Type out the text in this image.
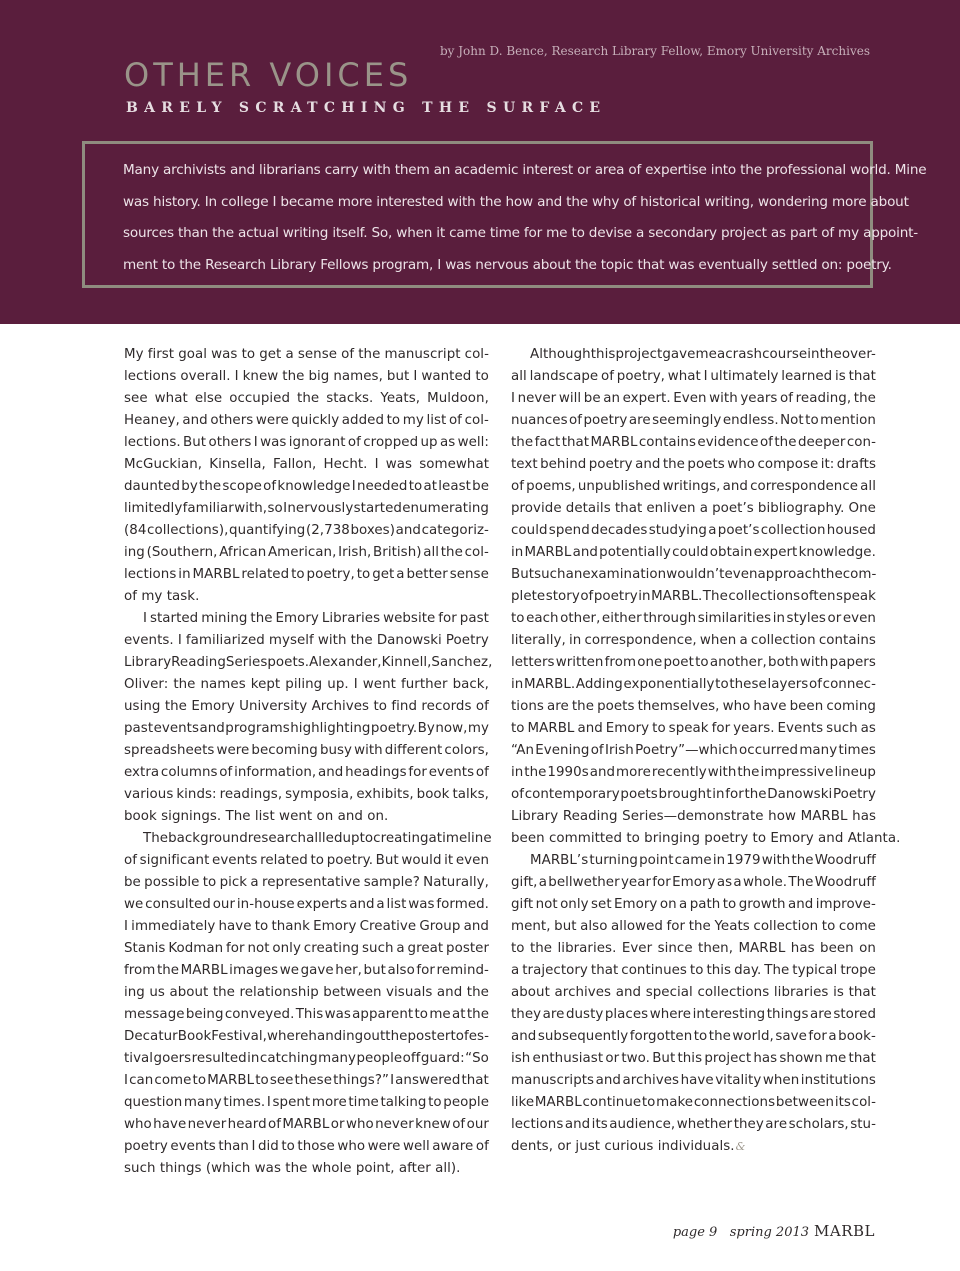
by John D. Bence, Research Library Fellow, Emory University Archives

OTHER VOICES
BARELY SCRATCHING THE SURFACE

Many archivists and librarians carry with them an academic interest or area of expertise into the professional world. Mine
was history. In college I became more interested with the how and the why of historical writing, wondering more about
sources than the actual writing itself. So, when it came time for me to devise a secondary project as part of my appoint-
ment to the Research Library Fellows program, I was nervous about the topic that was eventually settled on: poetry.

My first goal was to get a sense of the manuscript col-
lections overall. I knew the big names, but I wanted to
see what else occupied the stacks. Yeats, Muldoon,
Heaney, and others were quickly added to my list of col-
lections. But others I was ignorant of cropped up as well:
McGuckian, Kinsella, Fallon, Hecht. I was somewhat
daunted by the scope of knowledge I needed to at least be
limitedly familiar with, so I nervously started enumerating
(84 collections), quantifying (2,738 boxes) and categoriz-
ing (Southern, African American, Irish, British) all the col-
lections in MARBL related to poetry, to get a better sense
of my task.

I started mining the Emory Libraries website for past
events. I familiarized myself with the Danowski Poetry
Library Reading Series poets. Alexander, Kinnell, Sanchez,
Oliver: the names kept piling up. I went further back,
using the Emory University Archives to find records of
past events and programs highlighting poetry. By now, my
spreadsheets were becoming busy with different colors,
extra columns of information, and headings for events of
various kinds: readings, symposia, exhibits, book talks,
book signings. The list went on and on.

The background research all led up to creating a timeline
of significant events related to poetry. But would it even
be possible to pick a representative sample? Naturally,
we consulted our in-house experts and a list was formed.
I immediately have to thank Emory Creative Group and
Stanis Kodman for not only creating such a great poster
from the MARBL images we gave her, but also for remind-
ing us about the relationship between visuals and the
message being conveyed. This was apparent to me at the
Decatur Book Festival, where handing out the poster to fes-
tival goers resulted in catching many people off guard: “So
I can come to MARBL to see these things?” I answered that
question many times. I spent more time talking to people
who have never heard of MARBL or who never knew of our
poetry events than I did to those who were well aware of
such things (which was the whole point, after all).

Although this project gave me a crash course in the over-
all landscape of poetry, what I ultimately learned is that
I never will be an expert. Even with years of reading, the
nuances of poetry are seemingly endless. Not to mention
the fact that MARBL contains evidence of the deeper con-
text behind poetry and the poets who compose it: drafts
of poems, unpublished writings, and correspondence all
provide details that enliven a poet’s bibliography. One
could spend decades studying a poet’s collection housed
in MARBL and potentially could obtain expert knowledge.
But such an examination wouldn’t even approach the com-
plete story of poetry in MARBL. The collections often speak
to each other, either through similarities in styles or even
literally, in correspondence, when a collection contains
letters written from one poet to another, both with papers
in MARBL. Adding exponentially to these layers of connec-
tions are the poets themselves, who have been coming
to MARBL and Emory to speak for years. Events such as
“An Evening of Irish Poetry”—which occurred many times
in the 1990s and more recently with the impressive lineup
of contemporary poets brought in for the Danowski Poetry
Library Reading Series—demonstrate how MARBL has
been committed to bringing poetry to Emory and Atlanta.

MARBL’s turning point came in 1979 with the Woodruff
gift, a bellwether year for Emory as a whole. The Woodruff
gift not only set Emory on a path to growth and improve-
ment, but also allowed for the Yeats collection to come
to the libraries. Ever since then, MARBL has been on
a trajectory that continues to this day. The typical trope
about archives and special collections libraries is that
they are dusty places where interesting things are stored
and subsequently forgotten to the world, save for a book-
ish enthusiast or two. But this project has shown me that
manuscripts and archives have vitality when institutions
like MARBL continue to make connections between its col-
lections and its audience, whether they are scholars, stu-
dents, or just curious individuals.&

page 9 spring 2013 MARBL
